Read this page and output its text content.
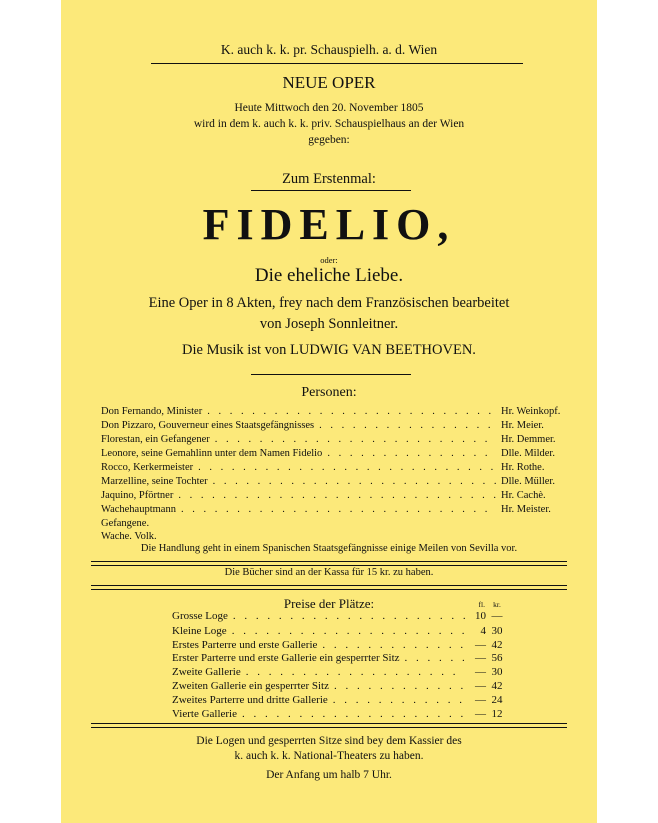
K. auch k. k. pr. Schauspielh. a. d. Wien
NEUE OPER
Heute Mittwoch den 20. November 1805
wird in dem k. auch k. k. priv. Schauspielhaus an der Wien
gegeben:
Zum Erstenmal:
FIDELIO,
oder:
Die eheliche Liebe.
Eine Oper in 8 Akten, frey nach dem Französischen bearbeitet
von Joseph Sonnleitner.
Die Musik ist von LUDWIG VAN BEETHOVEN.
Personen:
Don Fernando, Minister . . .	Hr. Weinkopf.
Don Pizzaro, Gouverneur eines Staatsgefängnisses . . .	Hr. Meier.
Florestan, ein Gefangener . . .	Hr. Demmer.
Leonore, seine Gemahlinn unter dem Namen Fidelio . . .	Dlle. Milder.
Rocco, Kerkermeister . . .	Hr. Rothe.
Marzelline, seine Tochter . . .	Dlle. Müller.
Jaquino, Pförtner . . .	Hr. Cachè.
Wachehauptmann . . .	Hr. Meister.
Gefangene.
Wache. Volk.
Die Handlung geht in einem Spanischen Staatsgefängnisse einige Meilen von Sevilla vor.
Die Bücher sind an der Kassa für 15 kr. zu haben.
Preise der Plätze:	fl.	kr.
Grosse Loge . . .	10 —
Kleine Loge . . .	4 30
Erstes Parterre und erste Gallerie . . .	— 42
Erster Parterre und erste Gallerie ein gesperrter Sitz . . .	— 56
Zweite Gallerie . . .	— 30
Zweiten Gallerie ein gesperrter Sitz . . .	— 42
Zweites Parterre und dritte Gallerie . . .	— 24
Vierte Gallerie . . .	— 12
Die Logen und gesperrten Sitze sind bey dem Kassier des
k. auch k. k. National-Theaters zu haben.
Der Anfang um halb 7 Uhr.
